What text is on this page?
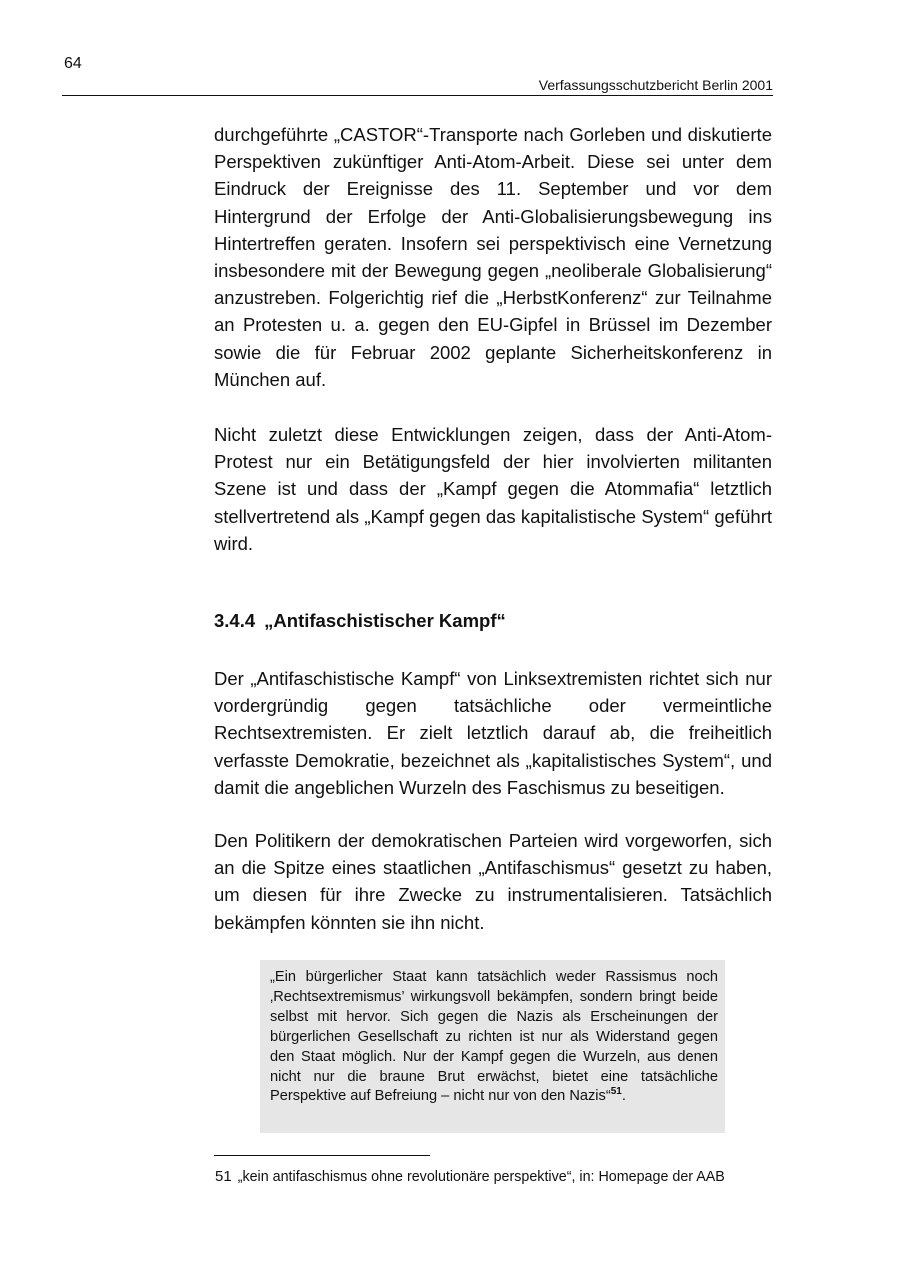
64
Verfassungsschutzbericht Berlin 2001

durchgeführte „CASTOR“-Transporte nach Gorleben und diskutierte Perspektiven zukünftiger Anti-Atom-Arbeit. Diese sei unter dem Eindruck der Ereignisse des 11. September und vor dem Hintergrund der Erfolge der Anti-Globalisierungsbewegung ins Hintertreffen geraten. Insofern sei perspektivisch eine Vernetzung insbesondere mit der Bewegung gegen „neoliberale Globalisierung“ anzustreben. Folgerichtig rief die „HerbstKonferenz“ zur Teilnahme an Protesten u. a. gegen den EU-Gipfel in Brüssel im Dezember sowie die für Februar 2002 geplante Sicherheitskonferenz in München auf.

Nicht zuletzt diese Entwicklungen zeigen, dass der Anti-Atom-Protest nur ein Betätigungsfeld der hier involvierten militanten Szene ist und dass der „Kampf gegen die Atommafia“ letztlich stellvertretend als „Kampf gegen das kapitalistische System“ geführt wird.

3.4.4 „Antifaschistischer Kampf“

Der „Antifaschistische Kampf“ von Linksextremisten richtet sich nur vordergründig gegen tatsächliche oder vermeintliche Rechtsextremisten. Er zielt letztlich darauf ab, die freiheitlich verfasste Demokratie, bezeichnet als „kapitalistisches System“, und damit die angeblichen Wurzeln des Faschismus zu beseitigen.

Den Politikern der demokratischen Parteien wird vorgeworfen, sich an die Spitze eines staatlichen „Antifaschismus“ gesetzt zu haben, um diesen für ihre Zwecke zu instrumentalisieren. Tatsächlich bekämpfen könnten sie ihn nicht.

„Ein bürgerlicher Staat kann tatsächlich weder Rassismus noch ‚Rechtsextremismus’ wirkungsvoll bekämpfen, sondern bringt beide selbst mit hervor. Sich gegen die Nazis als Erscheinungen der bürgerlichen Gesellschaft zu richten ist nur als Widerstand gegen den Staat möglich. Nur der Kampf gegen die Wurzeln, aus denen nicht nur die braune Brut erwächst, bietet eine tatsächliche Perspektive auf Befreiung – nicht nur von den Nazis“$^{51}$.

51 „kein antifaschismus ohne revolutionäre perspektive“, in: Homepage der AAB
